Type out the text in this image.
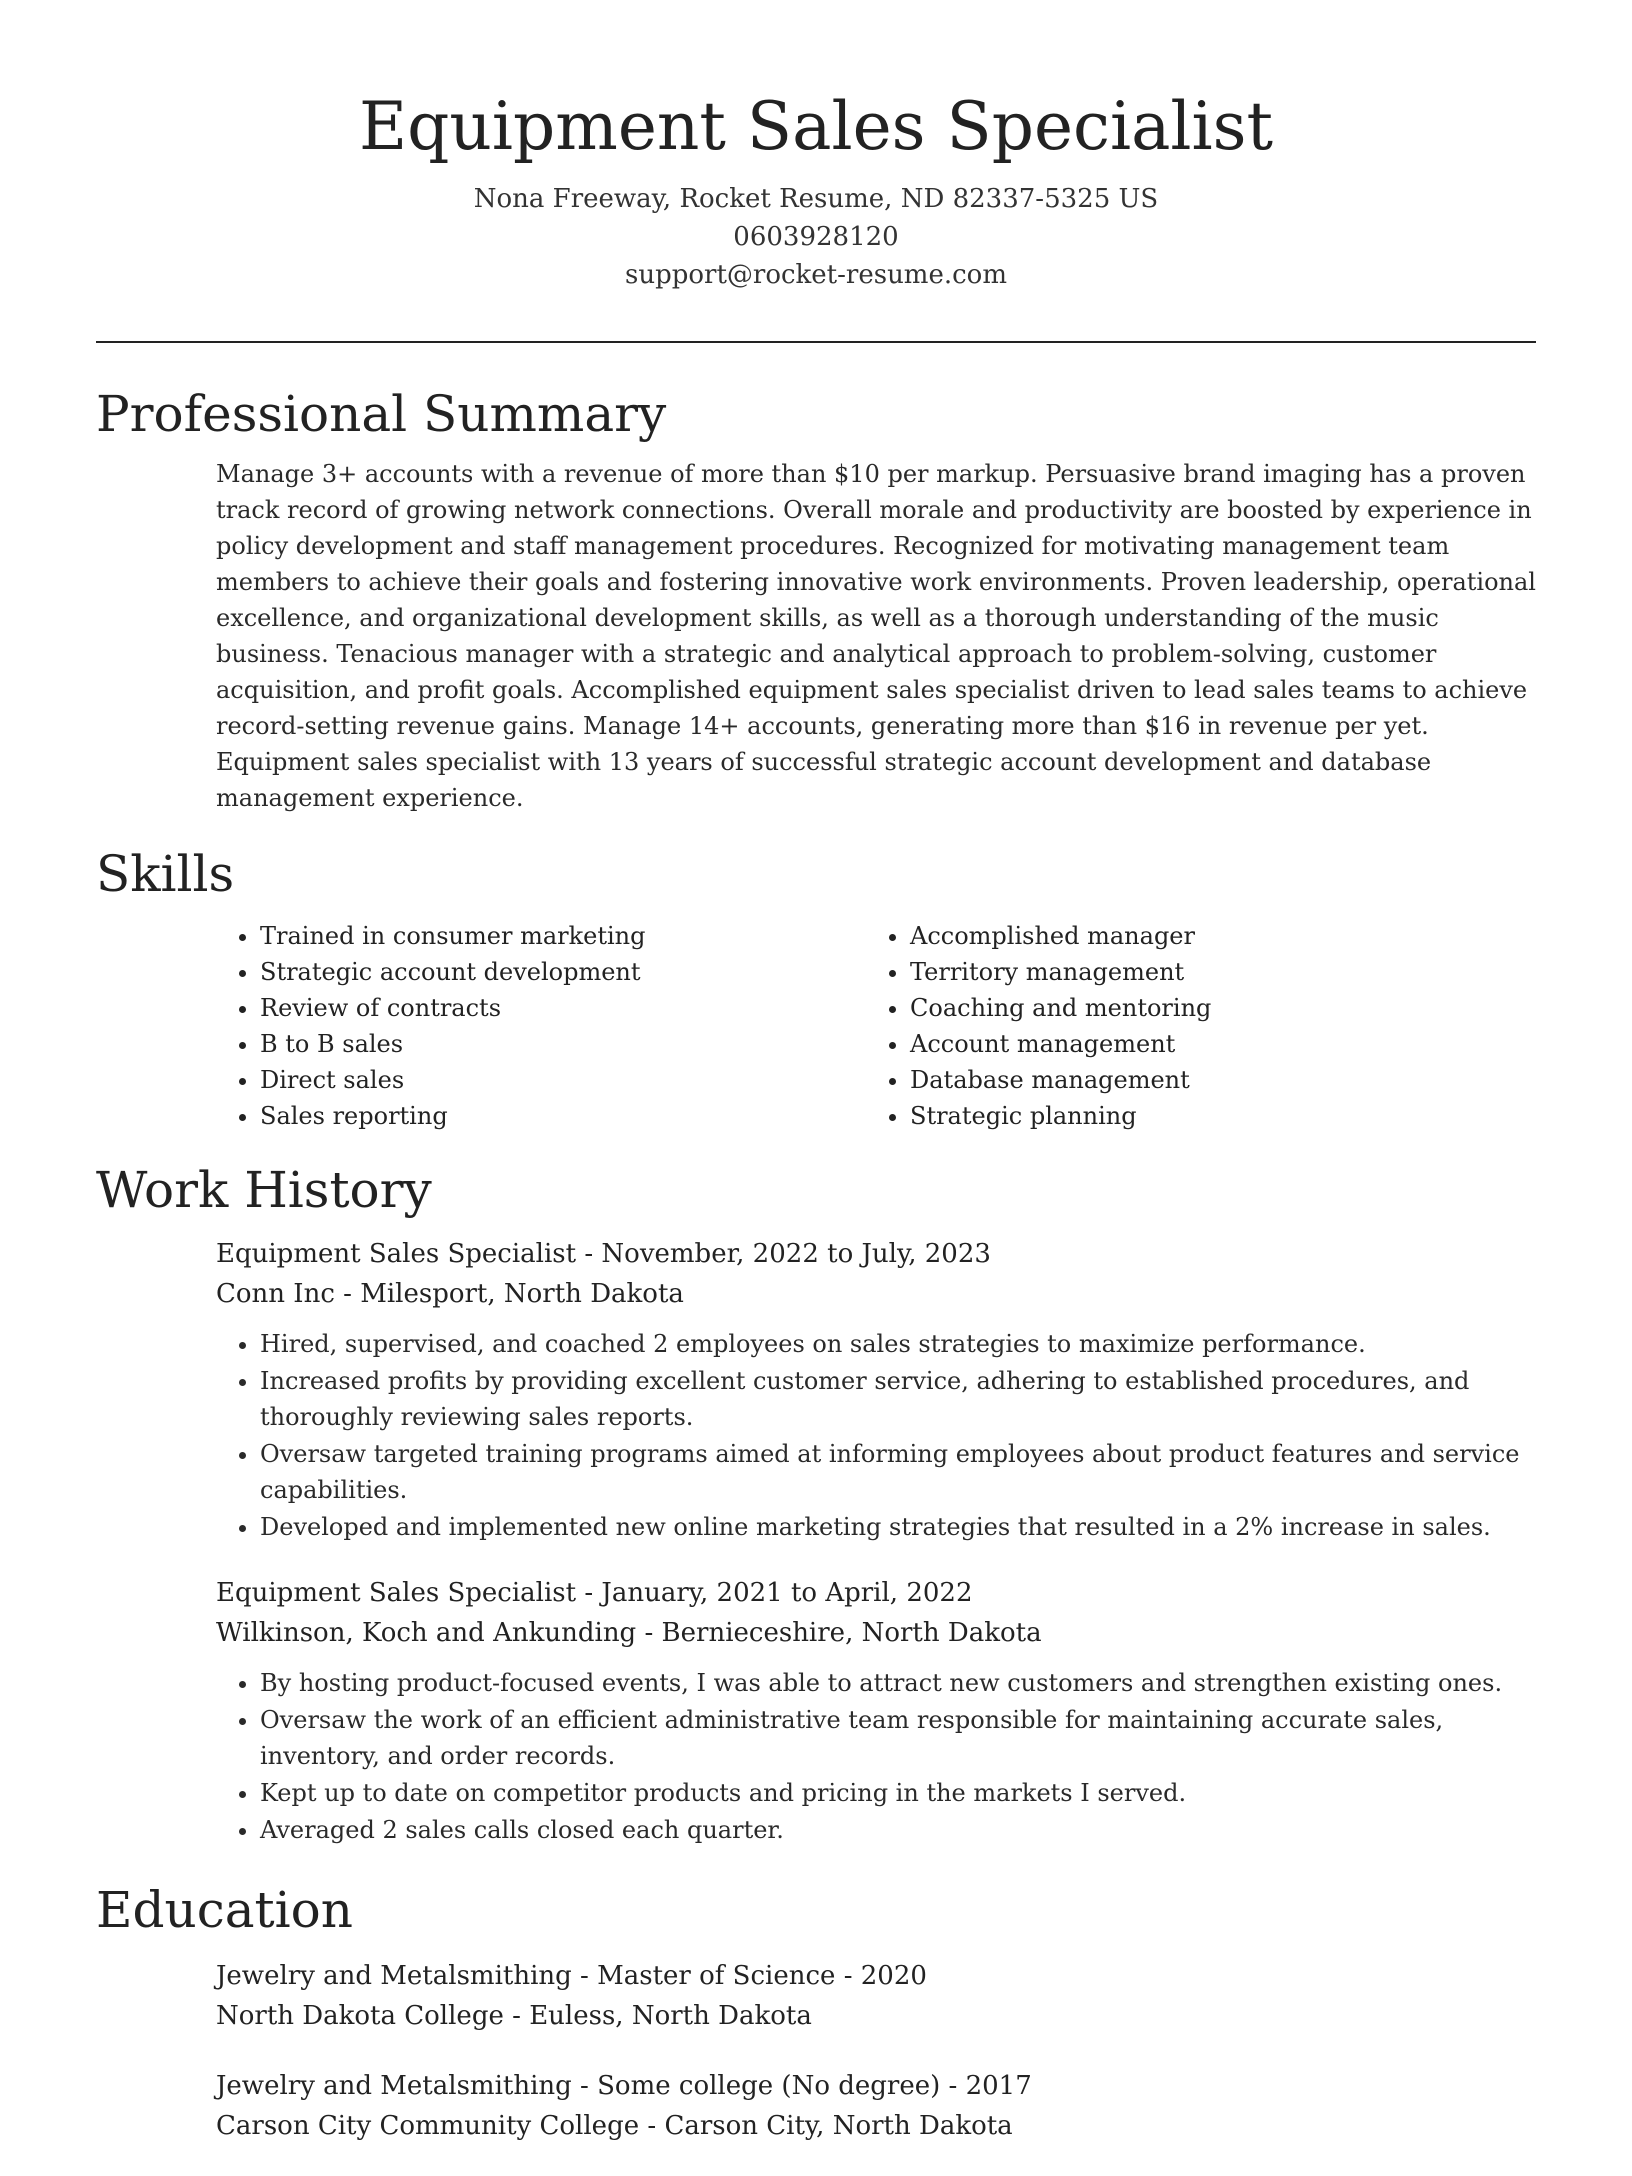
Equipment Sales Specialist
Nona Freeway, Rocket Resume, ND 82337-5325 US
0603928120
support@rocket-resume.com
Professional Summary

Manage 3+ accounts with a revenue of more than $10 per markup. Persuasive brand imaging has a proven track record of growing network connections. Overall morale and productivity are boosted by experience in policy development and staff management procedures. Recognized for motivating management team members to achieve their goals and fostering innovative work environments. Proven leadership, operational excellence, and organizational development skills, as well as a thorough understanding of the music business. Tenacious manager with a strategic and analytical approach to problem-solving, customer acquisition, and profit goals. Accomplished equipment sales specialist driven to lead sales teams to achieve record-setting revenue gains. Manage 14+ accounts, generating more than $16 in revenue per yet. Equipment sales specialist with 13 years of successful strategic account development and database management experience.

Skills
• Trained in consumer marketing
• Strategic account development
• Review of contracts
• B to B sales
• Direct sales
• Sales reporting
• Accomplished manager
• Territory management
• Coaching and mentoring
• Account management
• Database management
• Strategic planning
Work History
Equipment Sales Specialist - November, 2022 to July, 2023
Conn Inc - Milesport, North Dakota
• Hired, supervised, and coached 2 employees on sales strategies to maximize performance.
• Increased profits by providing excellent customer service, adhering to established procedures, and thoroughly reviewing sales reports.
• Oversaw targeted training programs aimed at informing employees about product features and service capabilities.
• Developed and implemented new online marketing strategies that resulted in a 2% increase in sales.
Equipment Sales Specialist - January, 2021 to April, 2022
Wilkinson, Koch and Ankunding - Bernieceshire, North Dakota
• By hosting product-focused events, I was able to attract new customers and strengthen existing ones.
• Oversaw the work of an efficient administrative team responsible for maintaining accurate sales, inventory, and order records.
• Kept up to date on competitor products and pricing in the markets I served.
• Averaged 2 sales calls closed each quarter.
Education
Jewelry and Metalsmithing - Master of Science - 2020
North Dakota College - Euless, North Dakota
Jewelry and Metalsmithing - Some college (No degree) - 2017
Carson City Community College - Carson City, North Dakota
